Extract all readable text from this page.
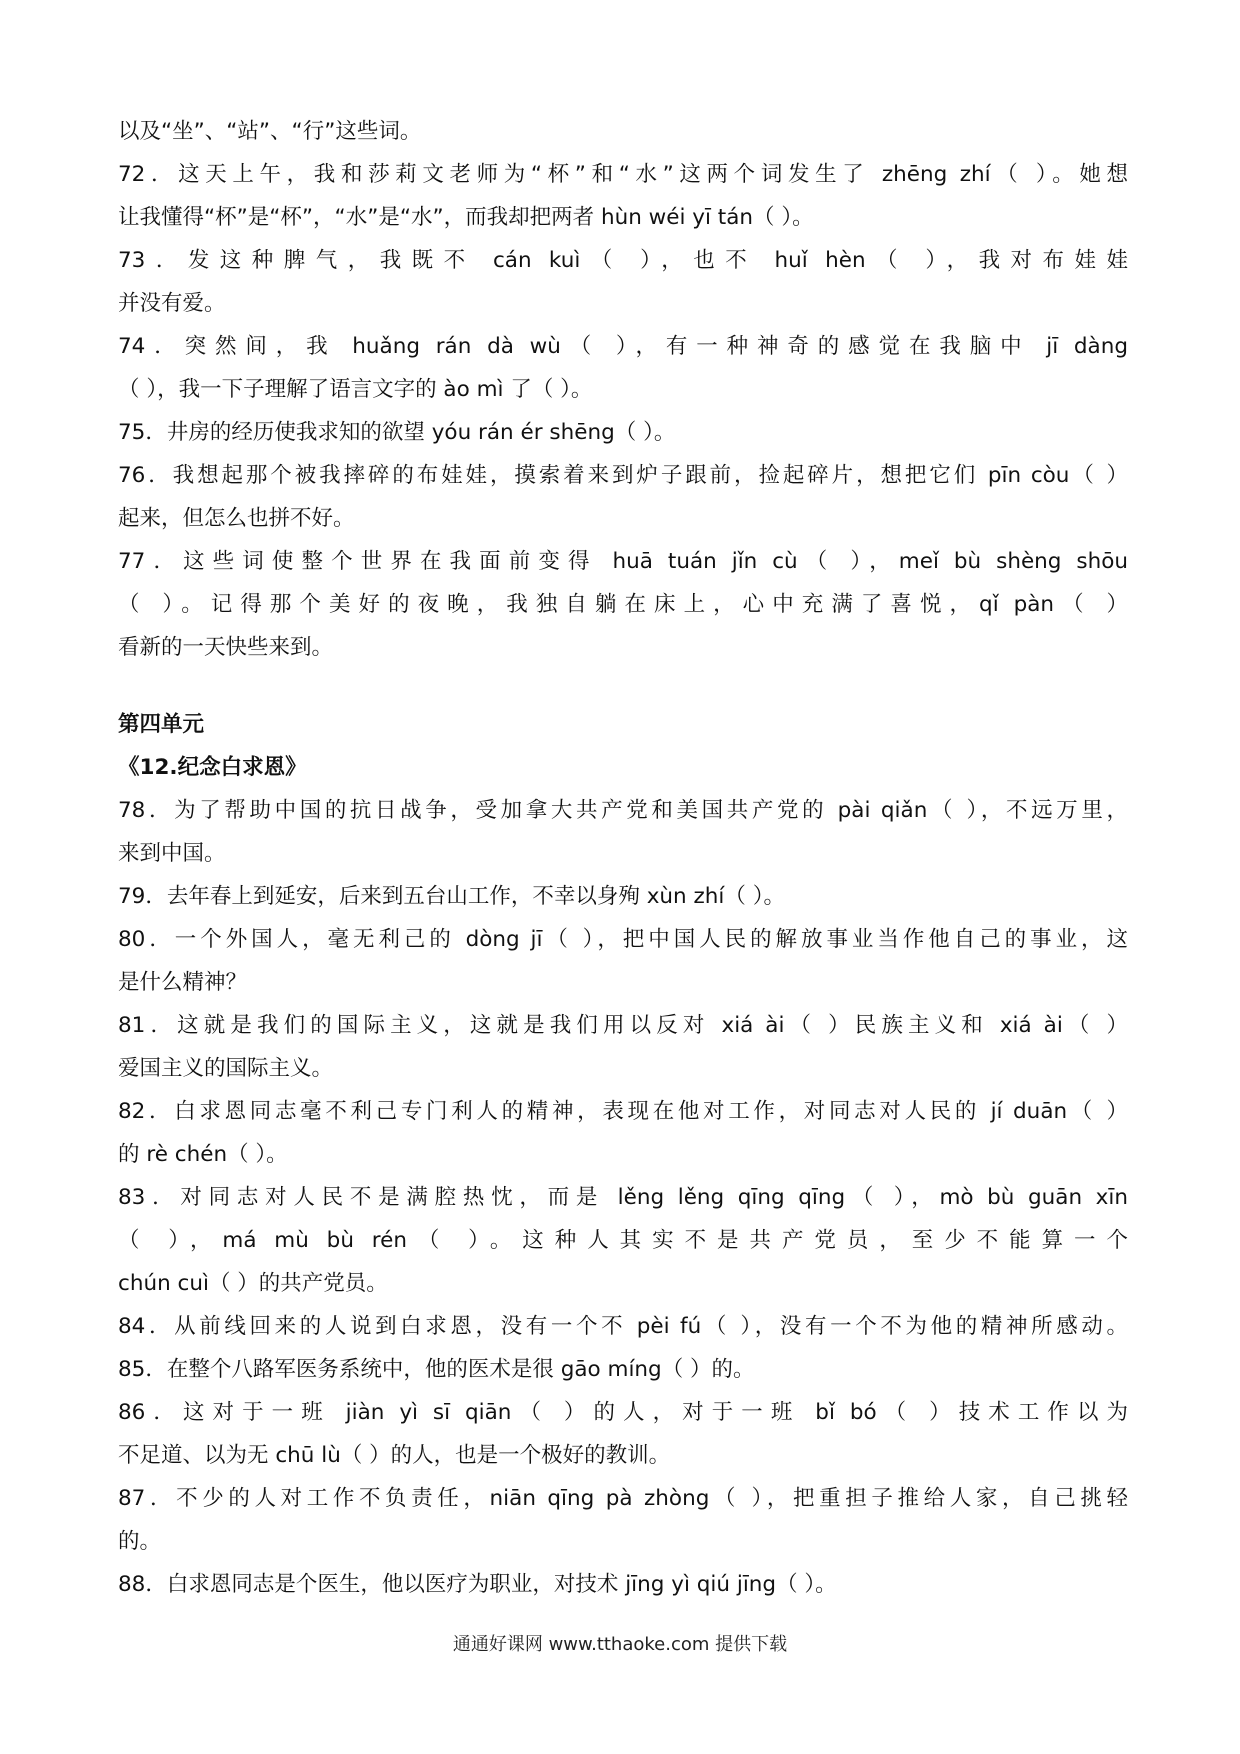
以及“坐”、“站”、“行”这些词。
72．这天上午，我和莎莉文老师为“杯”和“水”这两个词发生了 zhēng zhí（ ）。她想
让我懂得“杯”是“杯”，“水”是“水”，而我却把两者 hùn wéi yī tán（ ）。
73．发这种脾气，我既不 cán kuì（ ），也不 huǐ hèn（ ），我对布娃娃
并没有爱。
74．突然间，我 huǎng rán dà wù（ ），有一种神奇的感觉在我脑中 jī dàng
（ ），我一下子理解了语言文字的 ào mì 了（ ）。
75．井房的经历使我求知的欲望 yóu rán ér shēng（ ）。
76．我想起那个被我摔碎的布娃娃，摸索着来到炉子跟前，捡起碎片，想把它们 pīn còu（ ）
起来，但怎么也拼不好。
77．这些词使整个世界在我面前变得 huā tuán jǐn cù（ ），meǐ bù shèng shōu
（ ）。记得那个美好的夜晚，我独自躺在床上，心中充满了喜悦，qǐ pàn（ ）
看新的一天快些来到。
第四单元
《12.纪念白求恩》
78．为了帮助中国的抗日战争，受加拿大共产党和美国共产党的 pài qiǎn（ ），不远万里，
来到中国。
79．去年春上到延安，后来到五台山工作，不幸以身殉 xùn zhí（ ）。
80．一个外国人，毫无利己的 dòng jī（ ），把中国人民的解放事业当作他自己的事业，这
是什么精神？
81．这就是我们的国际主义，这就是我们用以反对 xiá ài（ ）民族主义和 xiá ài（ ）
爱国主义的国际主义。
82．白求恩同志毫不利己专门利人的精神，表现在他对工作，对同志对人民的 jí duān（ ）
的 rè chén（ ）。
83．对同志对人民不是满腔热忱，而是 lěng lěng qīng qīng（ ），mò bù guān xīn
（ ），má mù bù rén（ ）。这种人其实不是共产党员，至少不能算一个
chún cuì（ ）的共产党员。
84．从前线回来的人说到白求恩，没有一个不 pèi fú（ ），没有一个不为他的精神所感动。
85．在整个八路军医务系统中，他的医术是很 gāo míng（ ）的。
86．这对于一班 jiàn yì sī qiān（ ）的人，对于一班 bǐ bó（ ）技术工作以为
不足道、以为无 chū lù（ ）的人，也是一个极好的教训。
87．不少的人对工作不负责任，niān qīng pà zhòng（ ），把重担子推给人家，自己挑轻
的。
88．白求恩同志是个医生，他以医疗为职业，对技术 jīng yì qiú jīng（ ）。
通通好课网 www.tthaoke.com 提供下载
